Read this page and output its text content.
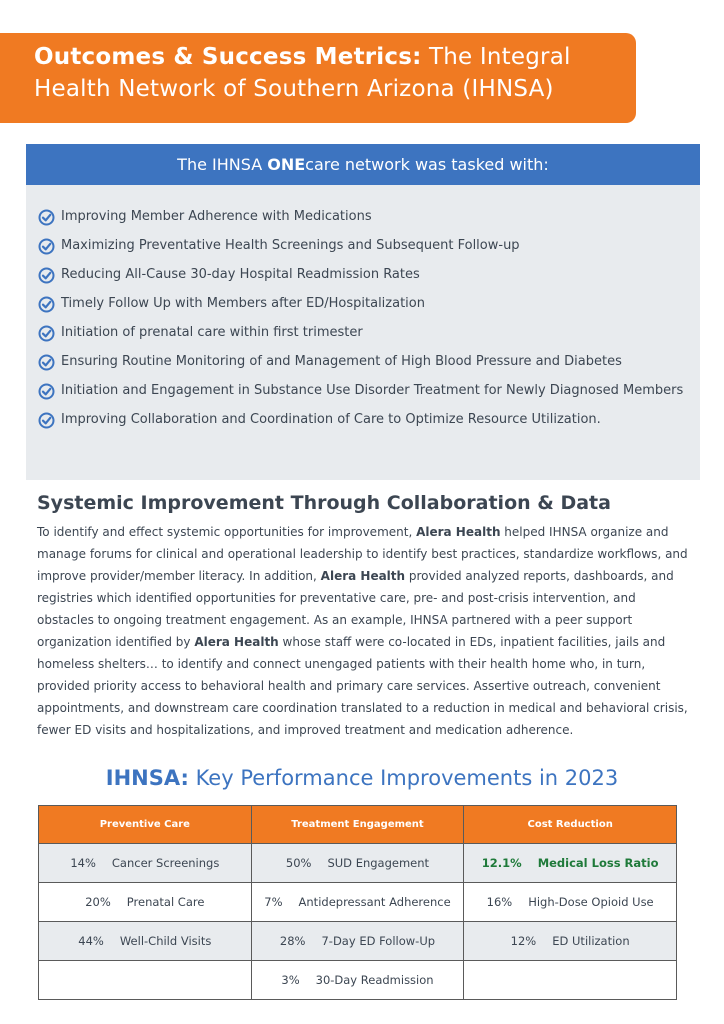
Outcomes & Success Metrics: The Integral
Health Network of Southern Arizona (IHNSA)
The IHNSA ONEcare network was tasked with:
Improving Member Adherence with Medications
Maximizing Preventative Health Screenings and Subsequent Follow-up
Reducing All-Cause 30-day Hospital Readmission Rates
Timely Follow Up with Members after ED/Hospitalization
Initiation of prenatal care within first trimester
Ensuring Routine Monitoring of and Management of High Blood Pressure and Diabetes
Initiation and Engagement in Substance Use Disorder Treatment for Newly Diagnosed Members
Improving Collaboration and Coordination of Care to Optimize Resource Utilization.
Systemic Improvement Through Collaboration & Data

To identify and effect systemic opportunities for improvement, Alera Health helped IHNSA organize and manage forums for clinical and operational leadership to identify best practices, standardize workflows, and improve provider/member literacy. In addition, Alera Health provided analyzed reports, dashboards, and registries which identified opportunities for preventative care, pre- and post-crisis intervention, and obstacles to ongoing treatment engagement. As an example, IHNSA partnered with a peer support organization identified by Alera Health whose staff were co-located in EDs, inpatient facilities, jails and homeless shelters… to identify and connect unengaged patients with their health home who, in turn, provided priority access to behavioral health and primary care services. Assertive outreach, convenient appointments, and downstream care coordination translated to a reduction in medical and behavioral crisis, fewer ED visits and hospitalizations, and improved treatment and medication adherence.

IHNSA: Key Performance Improvements in 2023
Preventive Care	Treatment Engagement	Cost Reduction
14% Cancer Screenings	50% SUD Engagement	12.1% Medical Loss Ratio
20% Prenatal Care	7% Antidepressant Adherence	16% High-Dose Opioid Use
44% Well-Child Visits	28% 7-Day ED Follow-Up	12% ED Utilization
	3% 30-Day Readmission	
